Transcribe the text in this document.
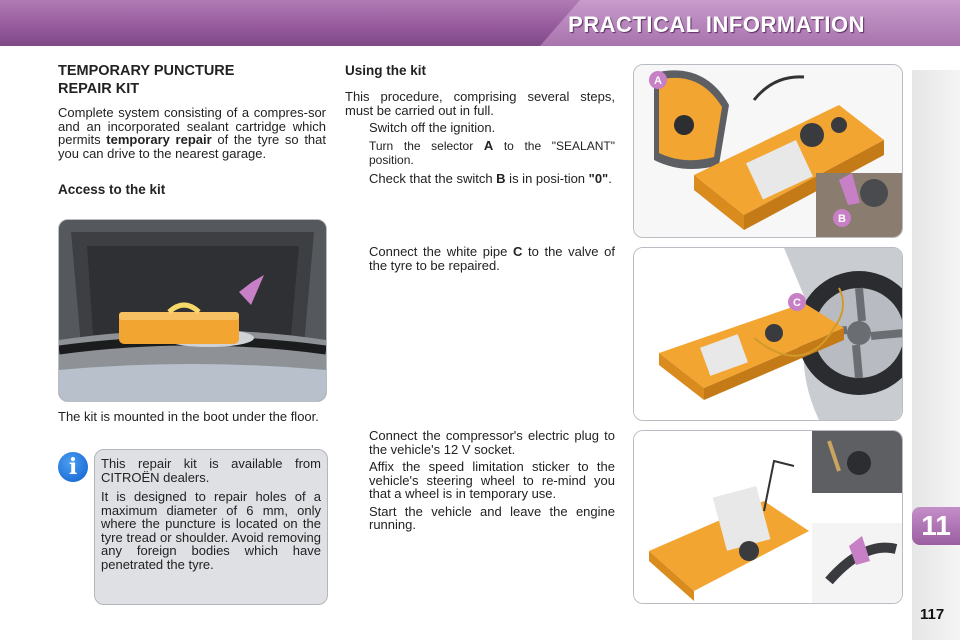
PRACTICAL INFORMATION
11
117
TEMPORARY PUNCTURE REPAIR KIT

Complete system consisting of a compres-sor and an incorporated sealant cartridge which permits temporary repair of the tyre so that you can drive to the nearest garage.

Access to the kit

The kit is mounted in the boot under the floor.

i	This repair kit is available from CITROËN dealers.

It is designed to repair holes of a maximum diameter of 6 mm, only where the puncture is located on the tyre tread or shoulder. Avoid removing any foreign bodies which have penetrated the tyre.

Using the kit

This procedure, comprising several steps, must be carried out in full.

Switch off the ignition.
Turn the selector A to the "SEALANT" position.
Check that the switch B is in posi-tion "0".
Connect the white pipe C to the valve of the tyre to be repaired.
Connect the compressor's electric plug to the vehicle's 12 V socket.
Affix the speed limitation sticker to the vehicle's steering wheel to re-mind you that a wheel is in temporary use.
Start the vehicle and leave the engine running.
A
B
C
